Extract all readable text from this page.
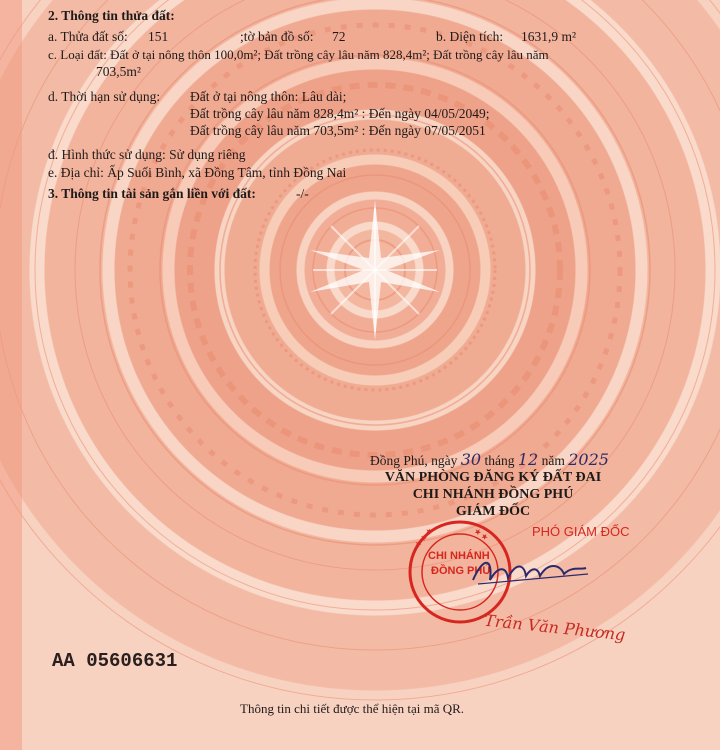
2. Thông tin thửa đất:
a. Thửa đất số: 151	;tờ bản đồ số: 72	b. Diện tích: 1631,9 m²
c. Loại đất: Đất ở tại nông thôn 100,0m²; Đất trồng cây lâu năm 828,4m²; Đất trồng cây lâu năm
703,5m²
d. Thời hạn sử dụng: Đất ở tại nông thôn: Lâu dài;
Đất trồng cây lâu năm 828,4m² : Đến ngày 04/05/2049;
Đất trồng cây lâu năm 703,5m² : Đến ngày 07/05/2051
đ. Hình thức sử dụng: Sử dụng riêng
e. Địa chỉ: Ấp Suối Bình, xã Đồng Tâm, tỉnh Đồng Nai
3. Thông tin tài sản gắn liền với đất:	-/-
Đồng Phú, ngày 30 tháng 12 năm 2025
VĂN PHÒNG ĐĂNG KÝ ĐẤT ĐAI
CHI NHÁNH ĐỒNG PHÚ
GIÁM ĐỐC
PHÓ GIÁM ĐỐC
★ ★ ★	★ ★
CHI NHÁNH
ĐỒNG PHÚ
Trần Văn Phương
AA 05606631
Thông tin chi tiết được thể hiện tại mã QR.
